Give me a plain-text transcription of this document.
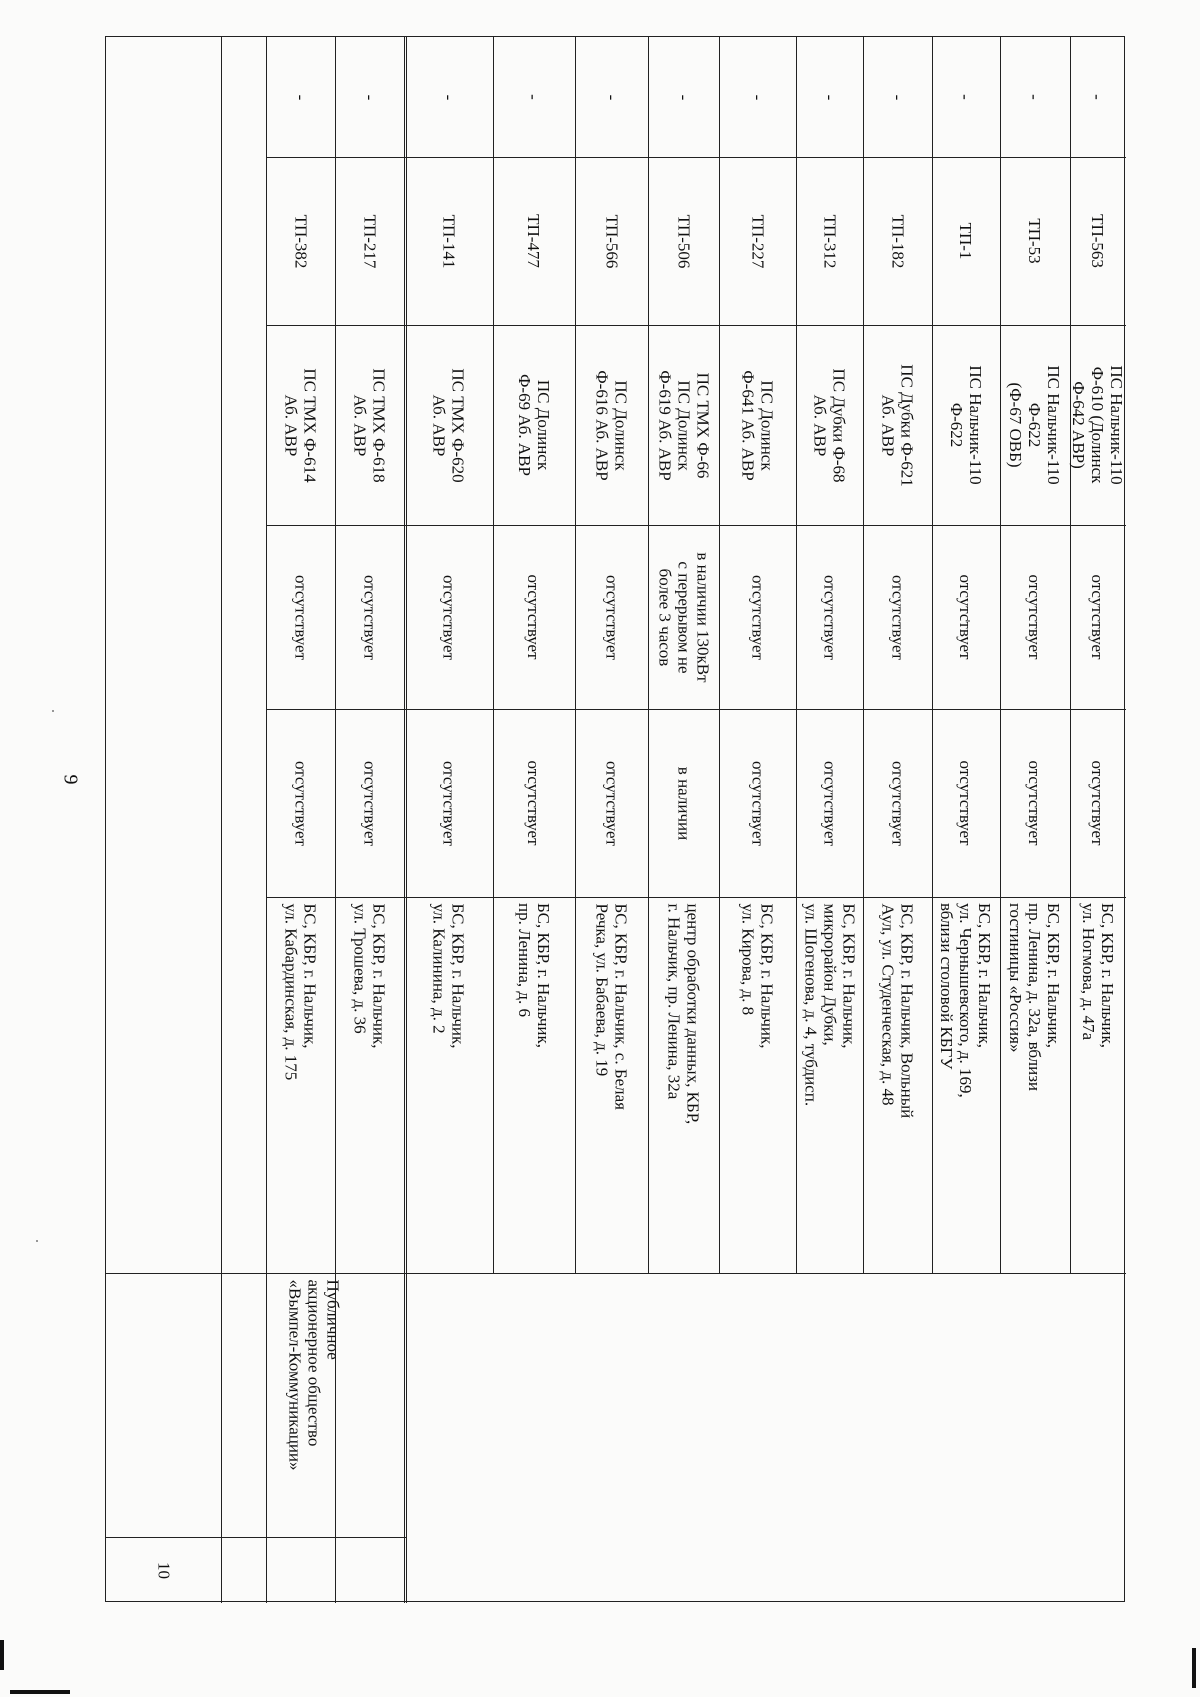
9
10
Публичное
акционерное общество
«Вымпел-Коммуникации»
-
ТП-382
ПС ТМХ Ф-614
Аб. АВР
отсутствует
отсутствует
БС, КБР, г. Нальчик,
ул. Кабардинская, д. 175
-
ТП-217
ПС ТМХ Ф-618
Аб. АВР
отсутствует
отсутствует
БС, КБР, г. Нальчик,
ул. Трошева, д. 36
-
ТП-141
ПС ТМХ Ф-620
Аб. АВР
отсутствует
отсутствует
БС, КБР, г. Нальчик,
ул. Калинина, д. 2
-
ТП-477
ПС Долинск
Ф-69 Аб. АВР
отсутствует
отсутствует
БС, КБР, г. Нальчик,
пр. Ленина, д. 6
-
ТП-566
ПС Долинск
Ф-616 Аб. АВР
отсутствует
отсутствует
БС, КБР, г. Нальчик, с. Белая
Речка, ул. Бабаева, д. 19
-
ТП-506
ПС ТМХ Ф-66
ПС Долинск
Ф-619 Аб. АВР
в наличии 130кВт
с перерывом не
более 3 часов
в наличии
центр обработки данных, КБР,
г. Нальчик, пр. Ленина, 32а
-
ТП-227
ПС Долинск
Ф-641 Аб. АВР
отсутствует
отсутствует
БС, КБР, г. Нальчик,
ул. Кирова, д. 8
-
ТП-312
ПС Дубки Ф-68
Аб. АВР
отсутствует
отсутствует
БС, КБР, г. Нальчик,
микрорайон Дубки,
ул. Шогенова, д. 4, тубдисп.
-
ТП-182
ПС Дубки Ф-621
Аб. АВР
отсутствует
отсутствует
БС, КБР, г. Нальчик, Вольный
Аул, ул. Студенческая, д. 48
-
ТП-1
ПС Нальчик-110
Ф-622
отсутствует
отсутствует
БС, КБР, г. Нальчик,
ул. Чернышевского, д. 169,
вблизи столовой КБГУ
-
ТП-53
ПС Нальчик-110
Ф-622
(Ф-67 ОВБ)
отсутствует
отсутствует
БС, КБР, г. Нальчик,
пр. Ленина, д. 32а, вблизи
гостиницы «Россия»
-
ТП-563
ПС Нальчик-110
Ф-610 (Долинск
Ф-642 АВР)
отсутствует
отсутствует
БС, КБР, г. Нальчик,
ул. Ногмова, д. 47а
